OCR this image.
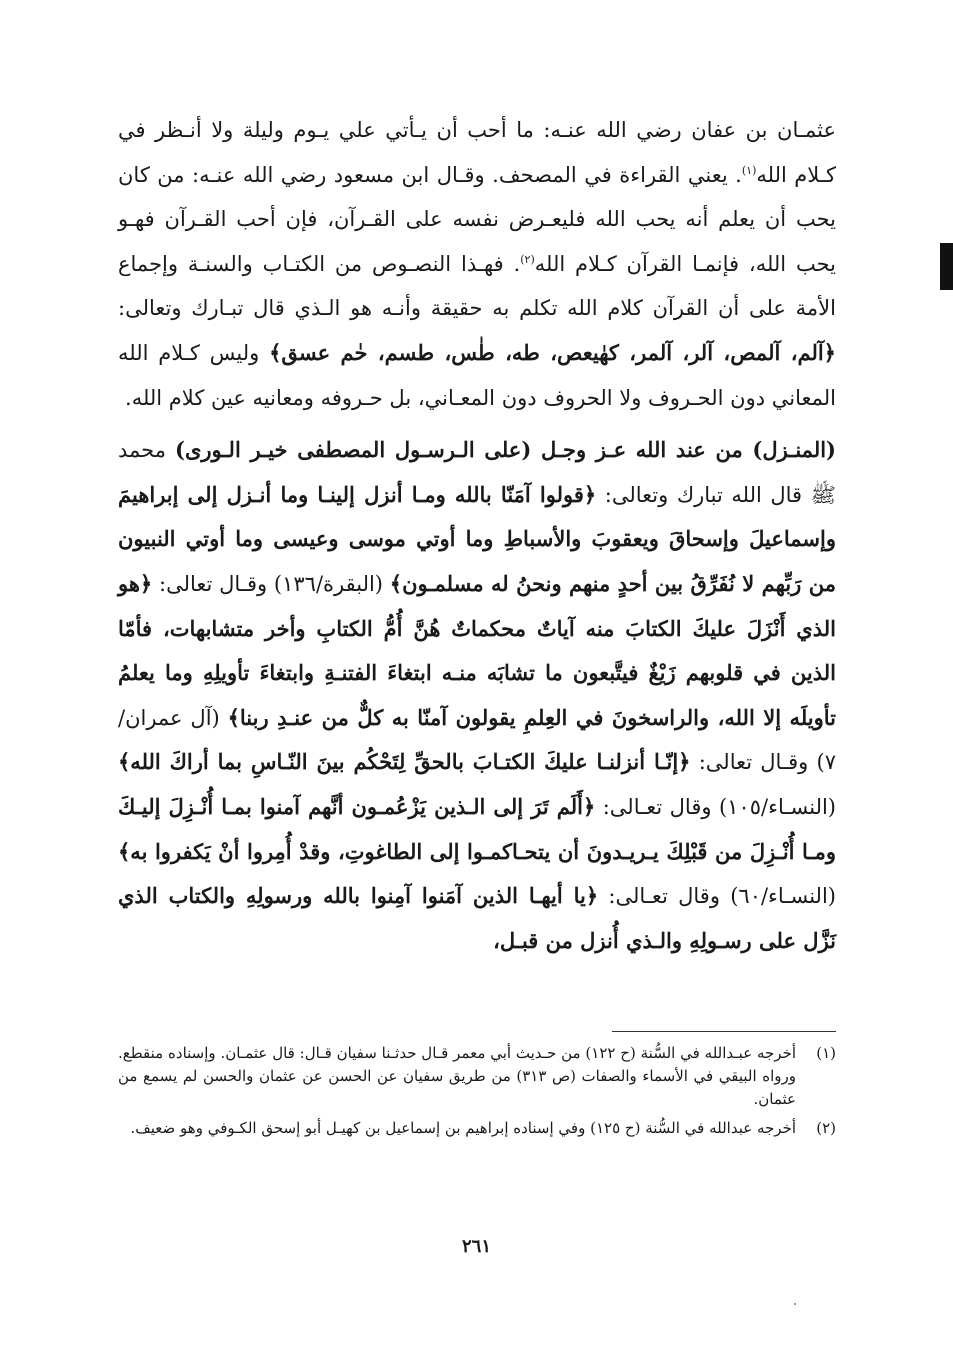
عثمـان بن عفان رضي الله عنـه: ما أحب أن يـأتي علي يـوم وليلة ولا أنـظر في كـلام الله$^{(١)}$. يعني القراءة في المصحف. وقـال ابن مسعود رضي الله عنـه: من كان يحب أن يعلم أنه يحب الله فليعـرض نفسه على القـرآن، فإن أحب القـرآن فهـو يحب الله، فإنمـا القرآن كـلام الله$^{(٢)}$. فهـذا النصـوص من الكتـاب والسنـة وإجماع الأمة على أن القرآن كلام الله تكلم به حقيقة وأنـه هو الـذي قال تبـارك وتعالى: ﴿آلم، آلمص، آلر، آلمر، كهٰيعص، طه، طٰس، طسم، حٰم عسق﴾ وليس كـلام الله المعاني دون الحـروف ولا الحروف دون المعـاني، بل حـروفه ومعانيه عين كلام الله.

(المنـزل) من عند الله عـز وجـل (على الـرسـول المصطفى خيـر الـورى) محمد ﷺ قال الله تبارك وتعالى: ﴿قولوا آمَنّا بالله ومـا أنزل إلينـا وما أنـزل إلى إبراهيمَ وإسماعيلَ وإسحاقَ ويعقوبَ والأسباطِ وما أوتي موسى وعيسى وما أوتي النبيون من رَبِّهم لا نُفَرِّقُ بين أحدٍ منهم ونحنُ له مسلمـون﴾ (البقرة/١٣٦) وقـال تعالى: ﴿هو الذي أَنْزَلَ عليكَ الكتابَ منه آياتٌ محكماتٌ هُنَّ أُمُّ الكتابِ وأخر متشابهات، فأمّا الذين في قلوبهم زَيْغٌ فيتَّبعون ما تشابَه منـه ابتغاءَ الفتنـةِ وابتغاءَ تأويلِهِ وما يعلمُ تأويلَه إلا الله، والراسخونَ في العِلمِ يقولون آمنّا به كلٌّ من عنـدِ ربنا﴾ (آل عمران/٧) وقـال تعالى: ﴿إنّـا أنزلنـا عليكَ الكتـابَ بالحقِّ لِتَحْكُم بينَ النّـاسِ بما أراكَ الله﴾ (النسـاء/١٠٥) وقال تعـالى: ﴿أَلَم تَرَ إلى الـذين يَزْعُمـون أنَّهم آمنوا بمـا أُنْـزِلَ إليـكَ ومـا أُنْـزِلَ من قَبْلِكَ يـريـدونَ أن يتحـاكمـوا إلى الطاغوتِ، وقدْ أُمِروا أنْ يَكفروا به﴾ (النسـاء/٦٠) وقال تعـالى: ﴿يا أيهـا الذين آمَنوا آمِنوا بالله ورسولِهِ والكتاب الذي نَزَّل على رسـولِهِ والـذي أُنزل من قبـل،

(١)
أخرجه عبـدالله في السُّنة (ح ١٢٢) من حـديث أبي معمر قـال حدثـنا سفيان قـال: قال عثمـان. وإسناده منقطع. ورواه البيقي في الأسماء والصفات (ص ٣١٣) من طريق سفيان عن الحسن عن عثمان والحسن لم يسمع من عثمان.
(٢)
أخرجه عبدالله في السُّنة (ح ١٢٥) وفي إسناده إبراهيم بن إسماعيل بن كهيـل أبو إسحق الكـوفي وهو ضعيف.
٢٦١
